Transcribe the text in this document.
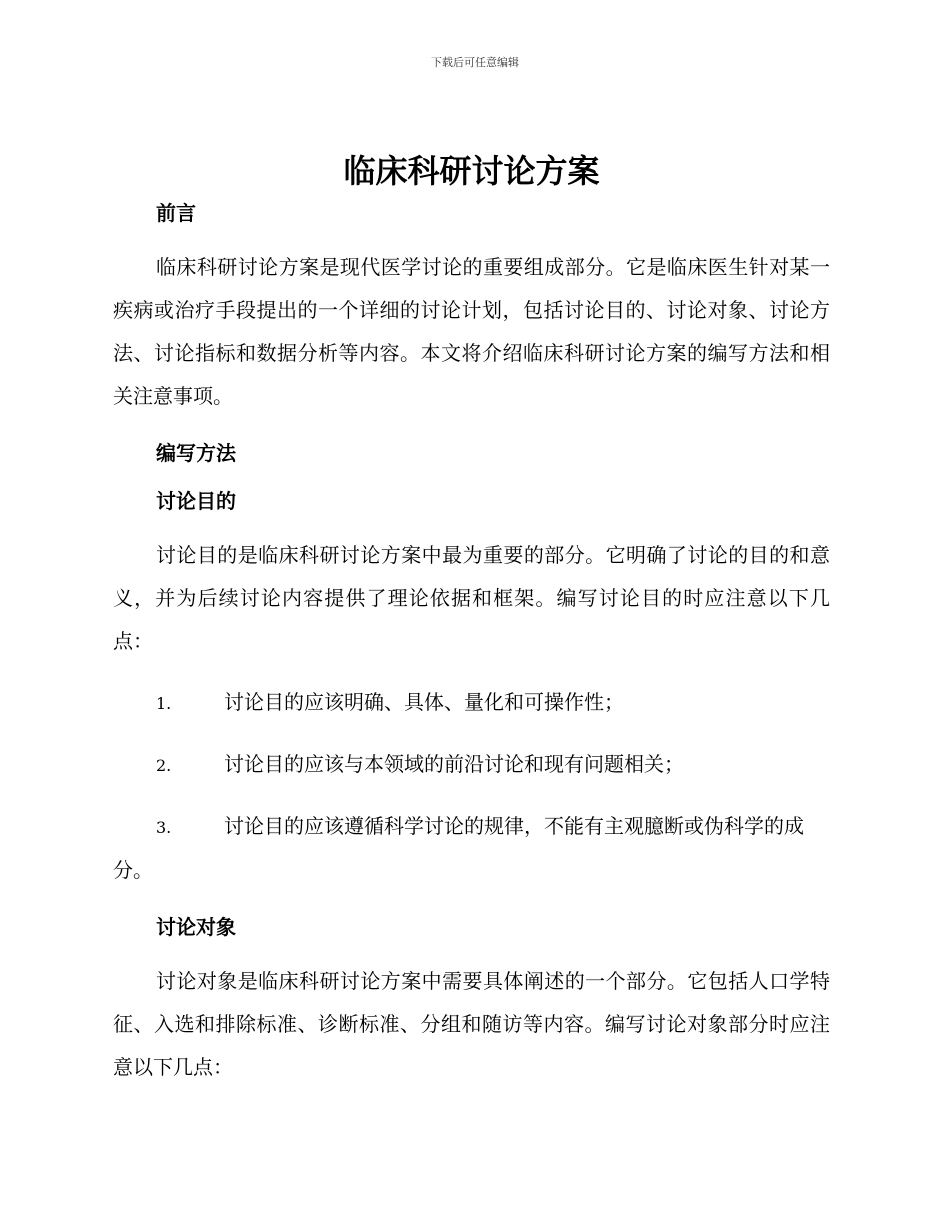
下载后可任意编辑
临床科研讨论方案

前言

临床科研讨论方案是现代医学讨论的重要组成部分。它是临床医生针对某一疾病或治疗手段提出的一个详细的讨论计划，包括讨论目的、讨论对象、讨论方法、讨论指标和数据分析等内容。本文将介绍临床科研讨论方案的编写方法和相关注意事项。

编写方法

讨论目的

讨论目的是临床科研讨论方案中最为重要的部分。它明确了讨论的目的和意义，并为后续讨论内容提供了理论依据和框架。编写讨论目的时应注意以下几点：

1.	讨论目的应该明确、具体、量化和可操作性；

2.	讨论目的应该与本领域的前沿讨论和现有问题相关；

3.	讨论目的应该遵循科学讨论的规律，不能有主观臆断或伪科学的成分。

讨论对象

讨论对象是临床科研讨论方案中需要具体阐述的一个部分。它包括人口学特征、入选和排除标准、诊断标准、分组和随访等内容。编写讨论对象部分时应注意以下几点：
